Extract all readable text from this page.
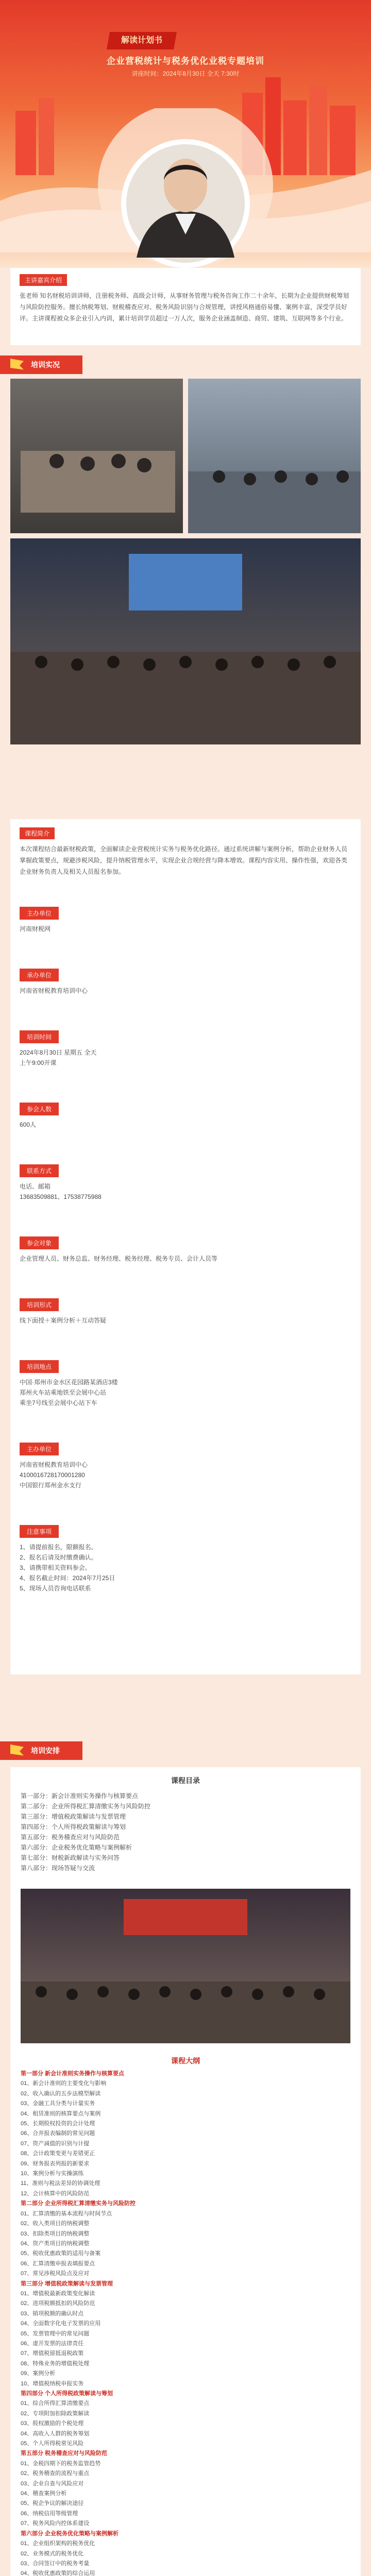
解读计划书
企业营税统计与税务优化业税专题培训
讲座时间：2024年8月30日 全天 7:30时
主讲嘉宾介绍
张老师 知名财税培训讲师，注册税务师、高级会计师，从事财务管理与税务咨询工作二十余年，长期为企业提供财税筹划与风险防控服务。擅长纳税筹划、财税稽查应对、税务风险识别与合规管理，讲授风格通俗易懂、案例丰富，深受学员好评。主讲课程被众多企业引入内训，累计培训学员超过一万人次，服务企业涵盖制造、商贸、建筑、互联网等多个行业。
培训实况
课程简介
本次课程结合最新财税政策，全面解读企业营税统计实务与税务优化路径。通过系统讲解与案例分析，帮助企业财务人员掌握政策要点，规避涉税风险，提升纳税管理水平，实现企业合规经营与降本增效。课程内容实用、操作性强，欢迎各类企业财务负责人及相关人员报名参加。
主办单位
河南财税网
承办单位
河南省财税教育培训中心
培训时间
2024年8月30日 星期五 全天
上午9:00开课
参会人数
600人
联系方式
电话、邮箱
13683509881、17538775988
参会对象
企业管理人员、财务总监、财务经理、税务经理、税务专员、会计人员等
培训形式
线下面授＋案例分析＋互动答疑
培训地点
中国·郑州市金水区花园路某酒店3楼
郑州火车站乘地铁至会展中心站
乘坐7号线至会展中心站下车
主办单位
河南省财税教育培训中心
4100016728170001280
中国银行郑州金水支行
注意事项
1、请提前报名，限额报名。
2、报名后请及时缴费确认。
3、请携带相关资料参会。
4、报名截止时间：2024年7月25日
5、现场人员咨询电话联系
培训安排
课程目录
第一部分：新会计准则实务操作与核算要点
第二部分：企业所得税汇算清缴实务与风险防控
第三部分：增值税政策解读与发票管理
第四部分：个人所得税政策解读与筹划
第五部分：税务稽查应对与风险防范
第六部分：企业税务优化策略与案例解析
第七部分：财税新政解读与实务问答
第八部分：现场答疑与交流
课程大纲
第一部分 新会计准则实务操作与核算要点
01、新会计准则的主要变化与影响
02、收入确认的五步法模型解读
03、金融工具分类与计量实务
04、租赁准则的核算要点与案例
05、长期股权投资的会计处理
06、合并报表编制的常见问题
07、资产减值的识别与计提
08、会计政策变更与差错更正
09、财务报表列报的新要求
10、案例分析与实操演练
11、准则与税法差异的协调处理
12、会计核算中的风险防范
第二部分 企业所得税汇算清缴实务与风险防控
01、汇算清缴的基本流程与时间节点
02、收入类项目的纳税调整
03、扣除类项目的纳税调整
04、资产类项目的纳税调整
05、税收优惠政策的适用与备案
06、汇算清缴申报表填报要点
07、常见涉税风险点及应对
第三部分 增值税政策解读与发票管理
01、增值税最新政策变化解读
02、进项税额抵扣的风险防范
03、销项税额的确认时点
04、全面数字化电子发票的应用
05、发票管理中的常见问题
06、虚开发票的法律责任
07、增值税留抵退税政策
08、特殊业务的增值税处理
09、案例分析
10、增值税纳税申报实务
第四部分 个人所得税政策解读与筹划
01、综合所得汇算清缴要点
02、专项附加扣除政策解读
03、股权激励的个税处理
04、高收入人群的税务筹划
05、个人所得税常见风险
第五部分 税务稽查应对与风险防范
01、金税四期下的税务监管趋势
02、税务稽查的流程与重点
03、企业自查与风险应对
04、稽查案例分析
05、税企争议的解决途径
06、纳税信用等级管理
07、税务风险内控体系建设
第六部分 企业税务优化策略与案例解析
01、企业组织架构的税务优化
02、业务模式的税务优化
03、合同签订中的税务考量
04、税收优惠政策的综合运用
